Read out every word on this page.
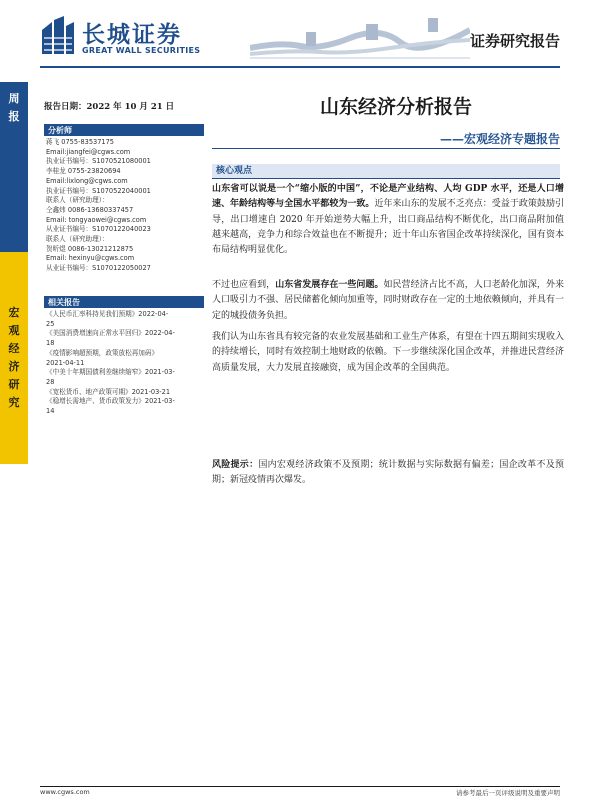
长城证券
GREAT WALL SECURITIES
证券研究报告
周报
宏观经济研究
报告日期：2022 年 10 月 21 日	山东经济分析报告
——宏观经济专题报告
分析师
蒋飞 0755-83537175
Email:jiangfei@cgws.com
执业证书编号：S1070521080001
李桂龙 0755-23820694
Email:lixlong@cgws.com
执业证书编号：S1070522040001
联系人（研究助理）：
仝鑫炜 0086-13680337457
Email: tongyaowei@cgws.com
从业证书编号：S1070122040023
联系人（研究助理）：
贺昕煜 0086-13021212875
Email: hexinyu@cgws.com
从业证书编号：S1070122050027
相关报告
《人民币汇率科持见我们预期》2022-04-
25
《美国消费增速向正常水平回归》2022-04-
18
《疫情影响超预期，政策放松再加码》
2021-04-11
《中美十年期国债利差继续缩窄》2021-03-
28
《宽松货币、地产政策可期》2021-03-21
《稳增长需地产、货币政策发力》2021-03-
14
核心观点
山东省可以说是一个“缩小版的中国”，不论是产业结构、人均 GDP 水平，还是人口增速、年龄结构等与全国水平都较为一致。近年来山东的发展不乏亮点：受益于政策鼓励引导，出口增速自 2020 年开始逆势大幅上升，出口商品结构不断优化，出口商品附加值越来越高，竞争力和综合效益也在不断提升；近十年山东省国企改革持续深化，国有资本布局结构明显优化。
不过也应看到，山东省发展存在一些问题。如民营经济占比不高，人口老龄化加深，外来人口吸引力不强、居民储蓄化倾向加重等，同时财政存在一定的土地依赖倾向，并具有一定的城投债务负担。
我们认为山东省具有较完备的农业发展基础和工业生产体系，有望在十四五期间实现收入的持续增长，同时有效控制土地财政的依赖。下一步继续深化国企改革，并推进民营经济高质量发展，大力发展直接融资，成为国企改革的全国典范。
风险提示：国内宏观经济政策不及预期；统计数据与实际数据有偏差；国企改革不及预期；新冠疫情再次爆发。
www.cgws.com	请参考最后一页评级说明及重要声明
